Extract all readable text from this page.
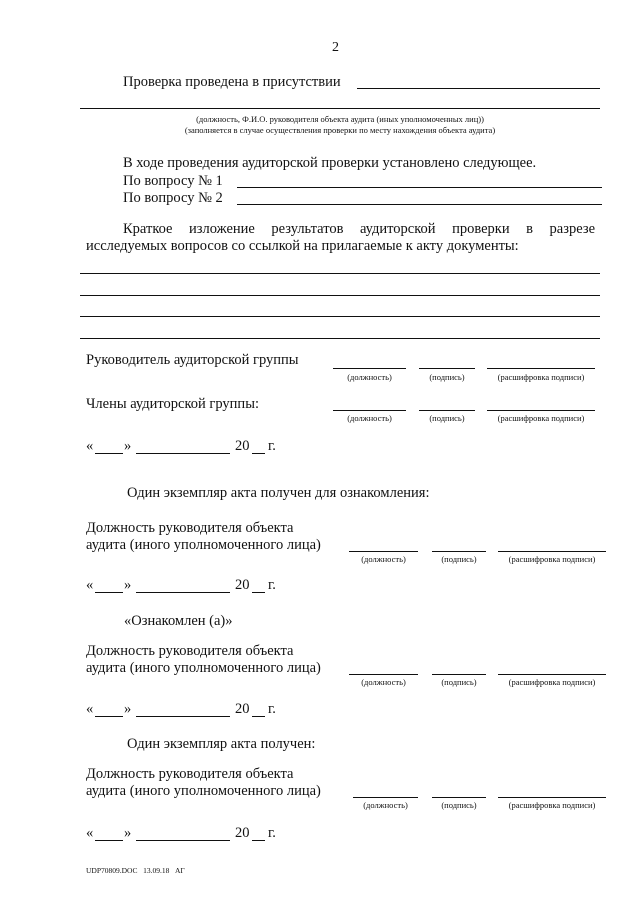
2
Проверка проведена в присутствии
(должность, Ф.И.О. руководителя объекта аудита (иных уполномоченных лиц))
(заполняется в случае осуществления проверки по месту нахождения объекта аудита)
В ходе проведения аудиторской проверки установлено следующее.
По вопросу № 1
По вопросу № 2
Краткое изложение результатов аудиторской проверки в разрезе
исследуемых вопросов со ссылкой на прилагаемые к акту документы:
Руководитель аудиторской группы
(должность)	(подпись)	(расшифровка подписи)
Члены аудиторской группы:
(должность)	(подпись)	(расшифровка подписи)
« »	20 г.
Один экземпляр акта получен для ознакомления:
Должность руководителя объекта
аудита (иного уполномоченного лица)
(должность)	(подпись)	(расшифровка подписи)
« »	20 г.
«Ознакомлен (а)»
Должность руководителя объекта
аудита (иного уполномоченного лица)
(должность)	(подпись)	(расшифровка подписи)
« »	20 г.
Один экземпляр акта получен:
Должность руководителя объекта
аудита (иного уполномоченного лица)
(должность)	(подпись)	(расшифровка подписи)
« »	20 г.
UDP70809.DOC   13.09.18   АГ
